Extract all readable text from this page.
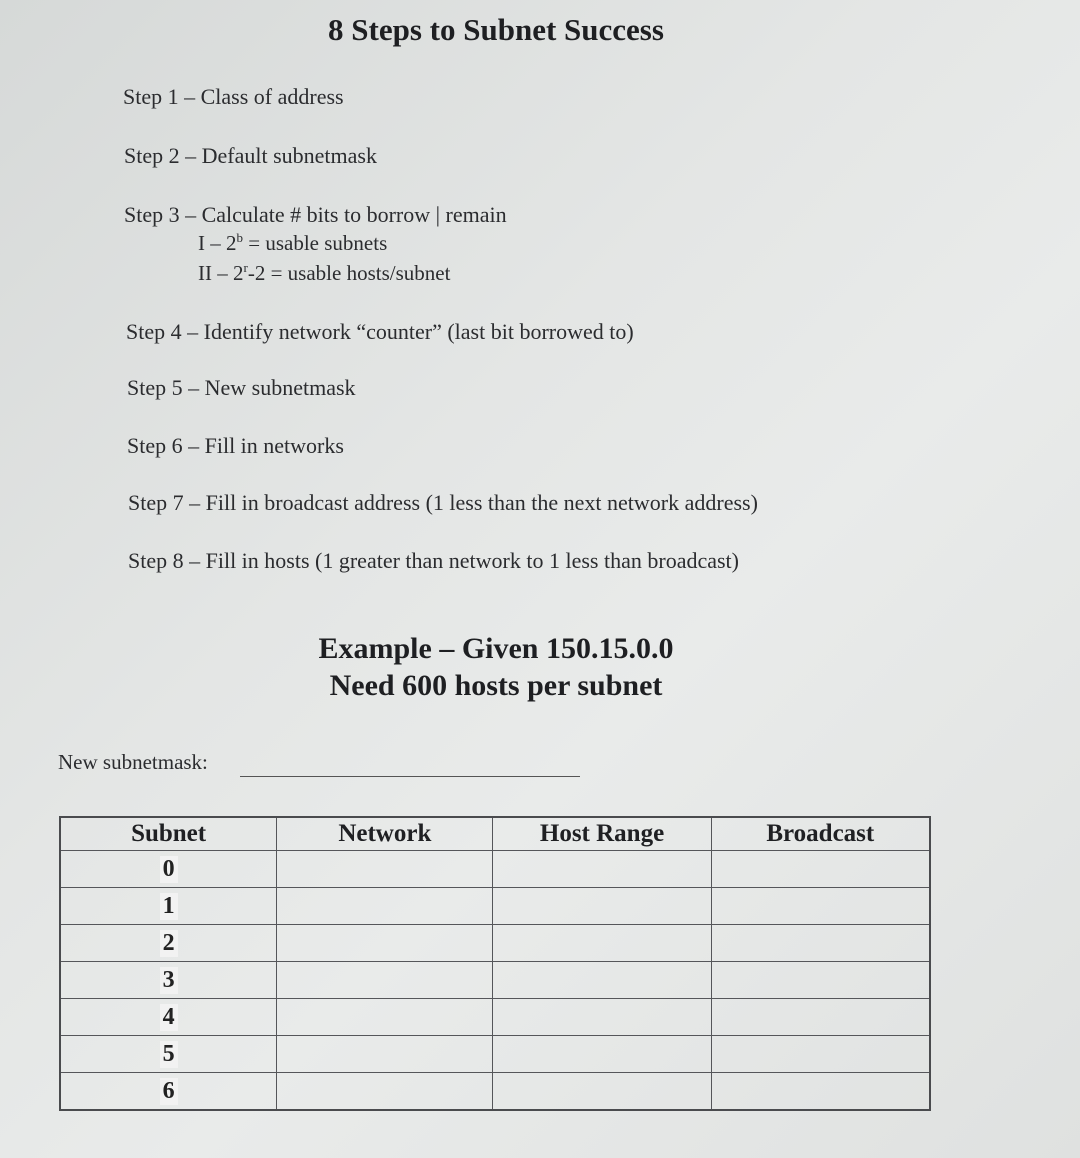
8 Steps to Subnet Success
Step 1 – Class of address
Step 2 – Default subnetmask
Step 3 – Calculate # bits to borrow | remain
I – $2^b$ = usable subnets
II – $2^r-2$ = usable hosts/subnet
Step 4 – Identify network “counter” (last bit borrowed to)
Step 5 – New subnetmask
Step 6 – Fill in networks
Step 7 – Fill in broadcast address (1 less than the next network address)
Step 8 – Fill in hosts (1 greater than network to 1 less than broadcast)
Example – Given 150.15.0.0
Need 600 hosts per subnet
New subnetmask:
Subnet	Network	Host Range	Broadcast
0			
1			
2			
3			
4			
5			
6			
